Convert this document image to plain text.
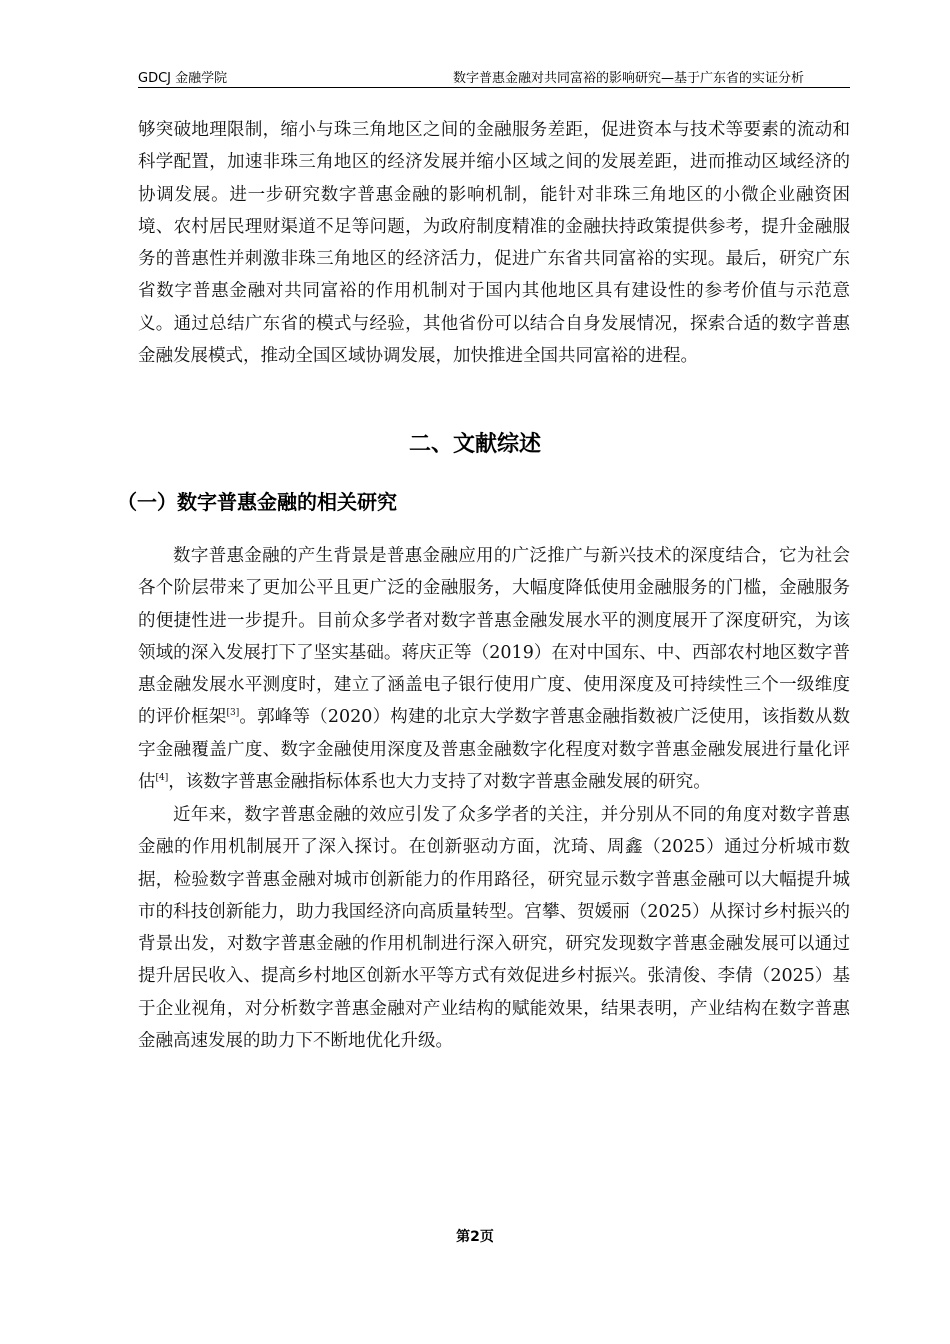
GDCJ 金融学院	数字普惠金融对共同富裕的影响研究—基于广东省的实证分析

够突破地理限制，缩小与珠三角地区之间的金融服务差距，促进资本与技术等要素的流动和科学配置，加速非珠三角地区的经济发展并缩小区域之间的发展差距，进而推动区域经济的协调发展。进一步研究数字普惠金融的影响机制，能针对非珠三角地区的小微企业融资困境、农村居民理财渠道不足等问题，为政府制度精准的金融扶持政策提供参考，提升金融服务的普惠性并刺激非珠三角地区的经济活力，促进广东省共同富裕的实现。最后，研究广东省数字普惠金融对共同富裕的作用机制对于国内其他地区具有建设性的参考价值与示范意义。通过总结广东省的模式与经验，其他省份可以结合自身发展情况，探索合适的数字普惠金融发展模式，推动全国区域协调发展，加快推进全国共同富裕的进程。

二、文献综述
（一）数字普惠金融的相关研究

数字普惠金融的产生背景是普惠金融应用的广泛推广与新兴技术的深度结合，它为社会各个阶层带来了更加公平且更广泛的金融服务，大幅度降低使用金融服务的门槛，金融服务的便捷性进一步提升。目前众多学者对数字普惠金融发展水平的测度展开了深度研究，为该领域的深入发展打下了坚实基础。蒋庆正等（2019）在对中国东、中、西部农村地区数字普惠金融发展水平测度时，建立了涵盖电子银行使用广度、使用深度及可持续性三个一级维度的评价框架[3]。郭峰等（2020）构建的北京大学数字普惠金融指数被广泛使用，该指数从数字金融覆盖广度、数字金融使用深度及普惠金融数字化程度对数字普惠金融发展进行量化评估[4]，该数字普惠金融指标体系也大力支持了对数字普惠金融发展的研究。

近年来，数字普惠金融的效应引发了众多学者的关注，并分别从不同的角度对数字普惠金融的作用机制展开了深入探讨。在创新驱动方面，沈琦、周鑫（2025）通过分析城市数据，检验数字普惠金融对城市创新能力的作用路径，研究显示数字普惠金融可以大幅提升城市的科技创新能力，助力我国经济向高质量转型。宫攀、贺媛丽（2025）从探讨乡村振兴的背景出发，对数字普惠金融的作用机制进行深入研究，研究发现数字普惠金融发展可以通过提升居民收入、提高乡村地区创新水平等方式有效促进乡村振兴。张清俊、李倩（2025）基于企业视角，对分析数字普惠金融对产业结构的赋能效果，结果表明，产业结构在数字普惠金融高速发展的助力下不断地优化升级。

第2页
